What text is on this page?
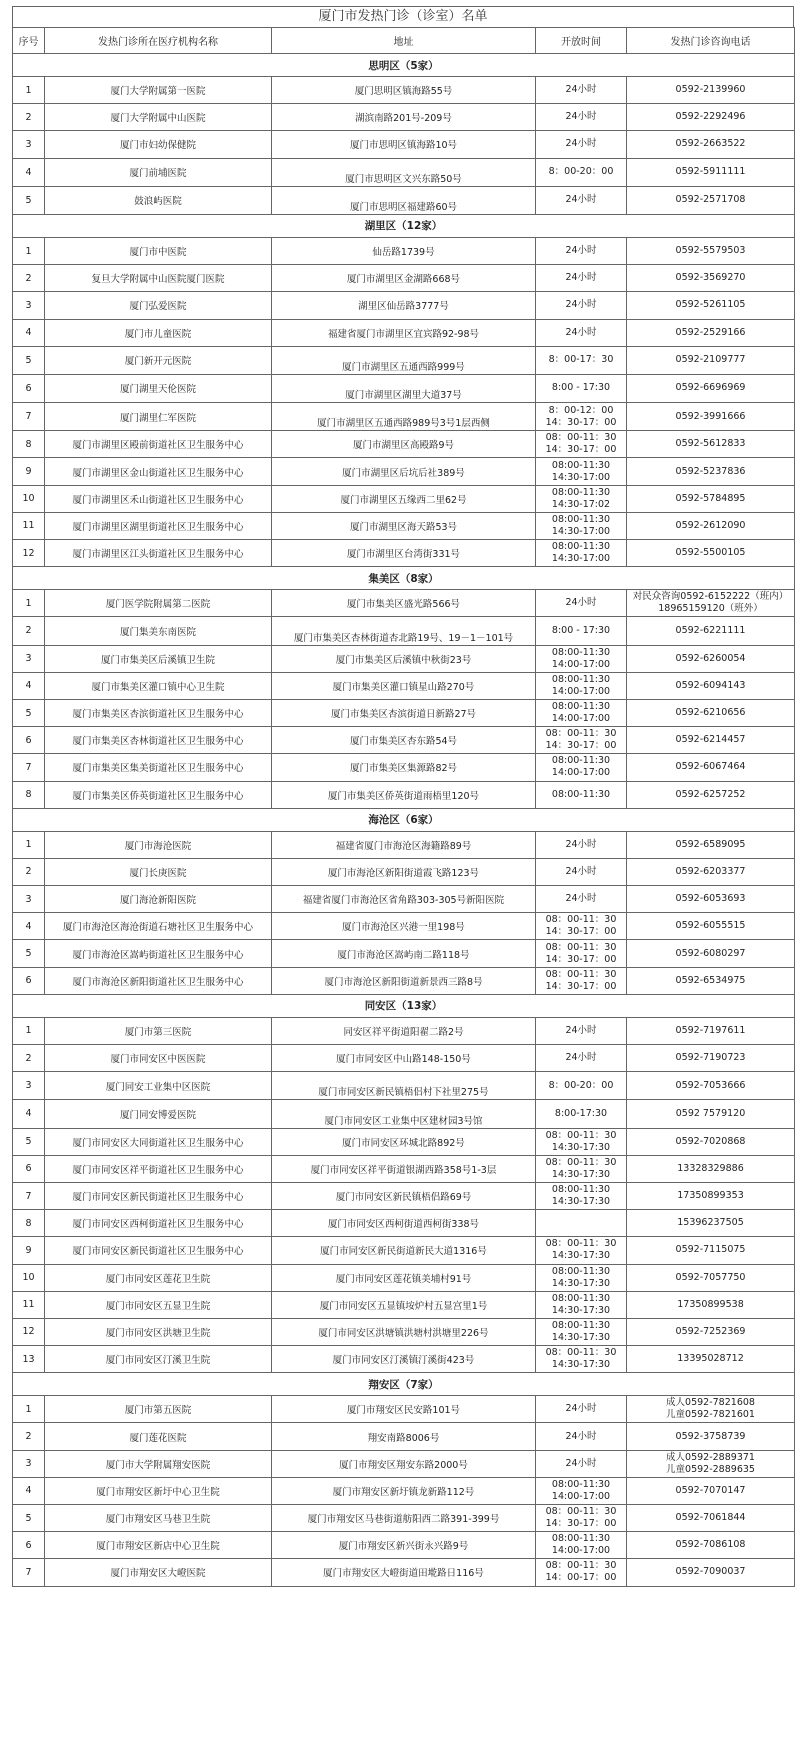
厦门市发热门诊（诊室）名单
序号	发热门诊所在医疗机构名称	地址	开放时间	发热门诊咨询电话
思明区（5家）				
1	厦门大学附属第一医院	厦门思明区镇海路55号	24小时	0592-2139960

2	厦门大学附属中山医院	湖滨南路201号-209号	24小时	0592-2292496

3	厦门市妇幼保健院	厦门市思明区镇海路10号	24小时	0592-2663522

4	厦门前埔医院	厦门市思明区文兴东路50号	8：00-20：00	0592-5911111

5	鼓浪屿医院	厦门市思明区福建路60号	24小时	0592-2571708

湖里区（12家）				
1	厦门市中医院	仙岳路1739号	24小时	0592-5579503

2	复旦大学附属中山医院厦门医院	厦门市湖里区金湖路668号	24小时	0592-3569270

3	厦门弘爱医院	湖里区仙岳路3777号	24小时	0592-5261105

4	厦门市儿童医院	福建省厦门市湖里区宜宾路92-98号	24小时	0592-2529166

5	厦门新开元医院	厦门市湖里区五通西路999号	8：00-17：30	0592-2109777

6	厦门湖里天伦医院	厦门市湖里区湖里大道37号	8:00 - 17:30	0592-6696969

7	厦门湖里仁军医院	厦门市湖里区五通西路989号3号1层西侧	8：00-12：00
14：30-17：00	0592-3991666

8	厦门市湖里区殿前街道社区卫生服务中心	厦门市湖里区高殿路9号	08：00-11：30
14：30-17：00	0592-5612833

9	厦门市湖里区金山街道社区卫生服务中心	厦门市湖里区后坑后社389号	08:00-11:30
14:30-17:00	0592-5237836

10	厦门市湖里区禾山街道社区卫生服务中心	厦门市湖里区五缘西二里62号	08:00-11:30
14:30-17:02	0592-5784895

11	厦门市湖里区湖里街道社区卫生服务中心	厦门市湖里区海天路53号	08:00-11:30
14:30-17:00	0592-2612090

12	厦门市湖里区江头街道社区卫生服务中心	厦门市湖里区台湾街331号	08:00-11:30
14:30-17:00	0592-5500105

集美区（8家）				
1	厦门医学院附属第二医院	厦门市集美区盛光路566号	24小时	对民众咨询0592-6152222（班内）
18965159120（班外）

2	厦门集美东南医院	厦门市集美区杏林街道杏北路19号、19－1－101号	8:00 - 17:30	0592-6221111

3	厦门市集美区后溪镇卫生院	厦门市集美区后溪镇中秋街23号	08:00-11:30
14:00-17:00	0592-6260054

4	厦门市集美区灌口镇中心卫生院	厦门市集美区灌口镇星山路270号	08:00-11:30
14:00-17:00	0592-6094143

5	厦门市集美区杏滨街道社区卫生服务中心	厦门市集美区杏滨街道日新路27号	08:00-11:30
14:00-17:00	0592-6210656

6	厦门市集美区杏林街道社区卫生服务中心	厦门市集美区杏东路54号	08：00-11：30
14：30-17：00	0592-6214457

7	厦门市集美区集美街道社区卫生服务中心	厦门市集美区集源路82号	08:00-11:30
14:00-17:00	0592-6067464

8	厦门市集美区侨英街道社区卫生服务中心	厦门市集美区侨英街道雨梧里120号	08:00-11:30	0592-6257252

海沧区（6家）				
1	厦门市海沧医院	福建省厦门市海沧区海籍路89号	24小时	0592-6589095

2	厦门长庚医院	厦门市海沧区新阳街道霞飞路123号	24小时	0592-6203377

3	厦门海沧新阳医院	福建省厦门市海沧区省角路303-305号新阳医院	24小时	0592-6053693

4	厦门市海沧区海沧街道石塘社区卫生服务中心	厦门市海沧区兴港一里198号	08：00-11：30
14：30-17：00	0592-6055515

5	厦门市海沧区嵩屿街道社区卫生服务中心	厦门市海沧区嵩屿南二路118号	08：00-11：30
14：30-17：00	0592-6080297

6	厦门市海沧区新阳街道社区卫生服务中心	厦门市海沧区新阳街道新景西三路8号	08：00-11：30
14：30-17：00	0592-6534975

同安区（13家）				
1	厦门市第三医院	同安区祥平街道阳翟二路2号	24小时	0592-7197611

2	厦门市同安区中医医院	厦门市同安区中山路148-150号	24小时	0592-7190723

3	厦门同安工业集中区医院	厦门市同安区新民镇梧侣村下社里275号	8：00-20：00	0592-7053666

4	厦门同安博爱医院	厦门市同安区工业集中区建材园3号馆	8:00-17:30	0592 7579120

5	厦门市同安区大同街道社区卫生服务中心	厦门市同安区环城北路892号	08：00-11：30
14:30-17:30	0592-7020868

6	厦门市同安区祥平街道社区卫生服务中心	厦门市同安区祥平街道银湖西路358号1-3层	08：00-11：30
14:30-17:30	13328329886

7	厦门市同安区新民街道社区卫生服务中心	厦门市同安区新民镇梧侣路69号	08:00-11:30
14:30-17:30	17350899353

8	厦门市同安区西柯街道社区卫生服务中心	厦门市同安区西柯街道西柯街338号		15396237505

9	厦门市同安区新民街道社区卫生服务中心	厦门市同安区新民街道新民大道1316号	08：00-11：30
14:30-17:30	0592-7115075

10	厦门市同安区莲花卫生院	厦门市同安区莲花镇美埔村91号	08:00-11:30
14:30-17:30	0592-7057750

11	厦门市同安区五显卫生院	厦门市同安区五显镇垵炉村五显宫里1号	08:00-11:30
14:30-17:30	17350899538

12	厦门市同安区洪塘卫生院	厦门市同安区洪塘镇洪塘村洪塘里226号	08:00-11:30
14:30-17:30	0592-7252369

13	厦门市同安区汀溪卫生院	厦门市同安区汀溪镇汀溪街423号	08：00-11：30
14:30-17:30	13395028712

翔安区（7家）				
1	厦门市第五医院	厦门市翔安区民安路101号	24小时	成人0592-7821608
儿童0592-7821601

2	厦门莲花医院	翔安南路8006号	24小时	0592-3758739

3	厦门市大学附属翔安医院	厦门市翔安区翔安东路2000号	24小时	成人0592-2889371
儿童0592-2889635

4	厦门市翔安区新圩中心卫生院	厦门市翔安区新圩镇龙新路112号	08:00-11:30
14:00-17:00	0592-7070147

5	厦门市翔安区马巷卫生院	厦门市翔安区马巷街道舫阳西二路391-399号	08：00-11：30
14：30-17：00	0592-7061844

6	厦门市翔安区新店中心卫生院	厦门市翔安区新兴街永兴路9号	08:00-11:30
14:00-17:00	0592-7086108

7	厦门市翔安区大嶝医院	厦门市翔安区大嶝街道田墘路日116号	08：00-11：30
14：00-17：00	0592-7090037
